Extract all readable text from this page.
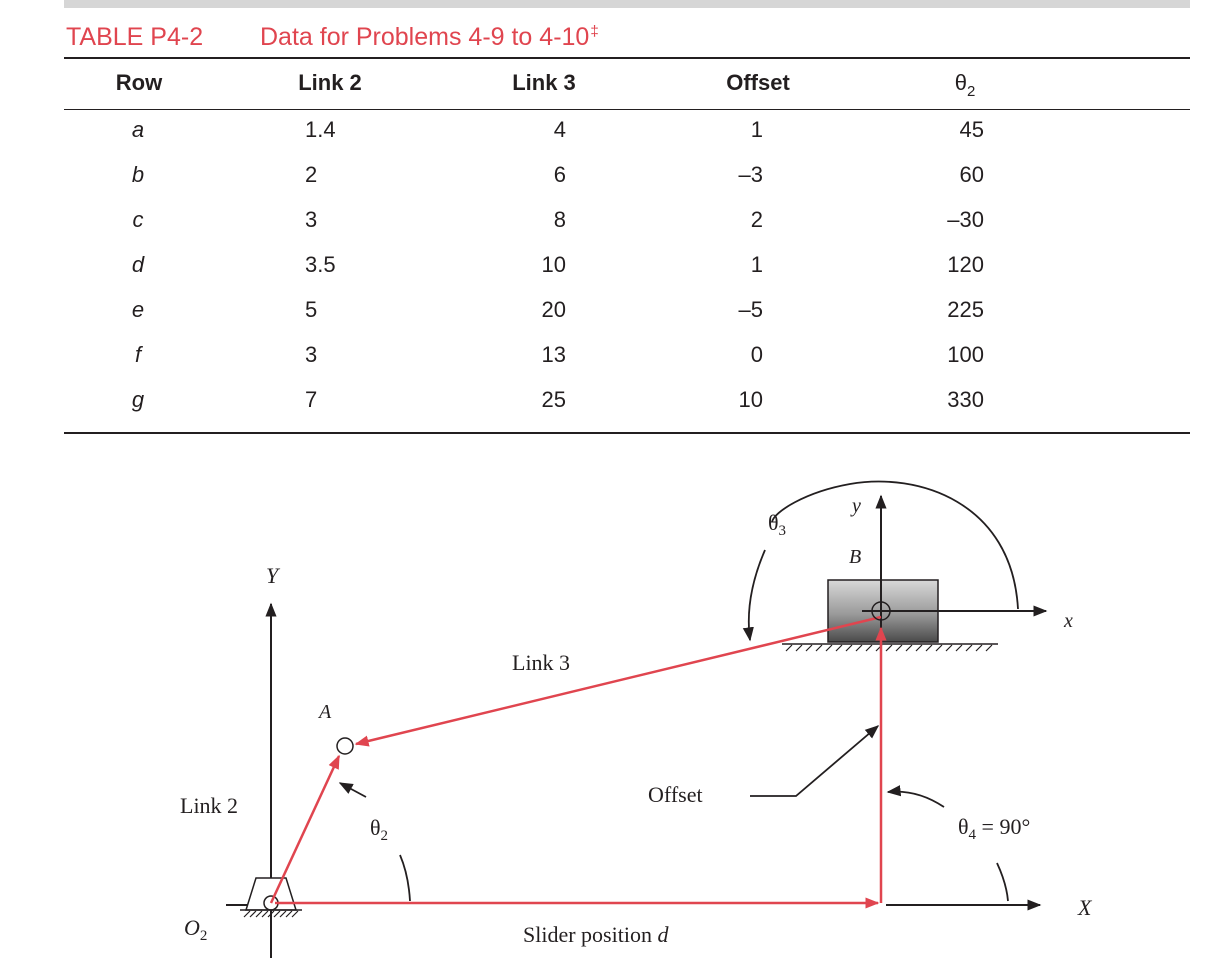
TABLE P4-2 Data for Problems 4-9 to 4-10‡
Row	Link 2	Link 3	Offset	$\theta_2$
a	1.4	4	1	45
b	2	6	–3	60
c	3	8	2	–30
d	3.5	10	1	120
e	5	20	–5	225
f	3	13	0	100
g	7	25	10	330
Y
X
y
x
A
B
$O_2$
Link 2
Link 3
Offset
$\theta_2$
$\theta_3$
$\theta_4 = 90^\circ$
Slider position d
